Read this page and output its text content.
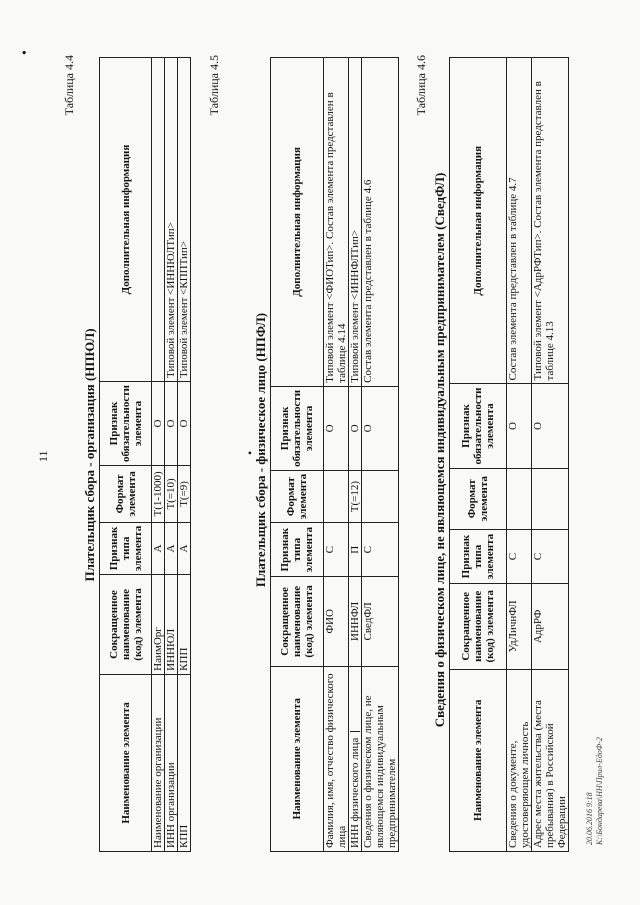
•
11
Таблица 4.4
Плательщик сбора - организация (НПЮЛ)
Наименование элемента	Сокращенное наименование (код) элемента	Признак типа элемента	Формат элемента	Признак обязательности элемента	Дополнительная информация
Наименование организации	НаимОрг	А	Т(1-1000)	О	
ИНН организации	ИННЮЛ	А	Т(=10)	О	Типовой элемент <ИННЮЛТип>
КПП	КПП	А	Т(=9)	О	Типовой элемент <КППТип>
•
Таблица 4.5
Плательщик сбора - физическое лицо (НПФЛ)
Наименование элемента	Сокращенное наименование (код) элемента	Признак типа элемента	Формат элемента	Признак обязательности элемента	Дополнительная информация
Фамилия, имя, отчество физического лица	ФИО	С		О	Типовой элемент <ФИОТип>. Состав элемента представлен в таблице 4.14
ИНН физического лица	ИННФЛ	П	Т(=12)	О	Типовой элемент <ИННФЛТип>
Сведения о физическом лице, не являющемся индивидуальным предпринимателем	СведФЛ	С		О	Состав элемента представлен в таблице 4.6
Таблица 4.6
Сведения о физическом лице, не являющемся индивидуальным предпринимателем (СведФЛ)
Наименование элемента	Сокращенное наименование (код) элемента	Признак типа элемента	Формат элемента	Признак обязательности элемента	Дополнительная информация
Сведения о документе, удостоверяющем личность	УдЛичнФЛ	С		О	Состав элемента представлен в таблице 4.7
Адрес места жительства (места пребывания) в Российской Федерации	АдрРФ	С		О	Типовой элемент <АдрРФТип>. Состав элемента представлен в таблице 4.13
20.06.2016 9:18 К:\Бондарева\НН\Прил-ЕдоФ-2
